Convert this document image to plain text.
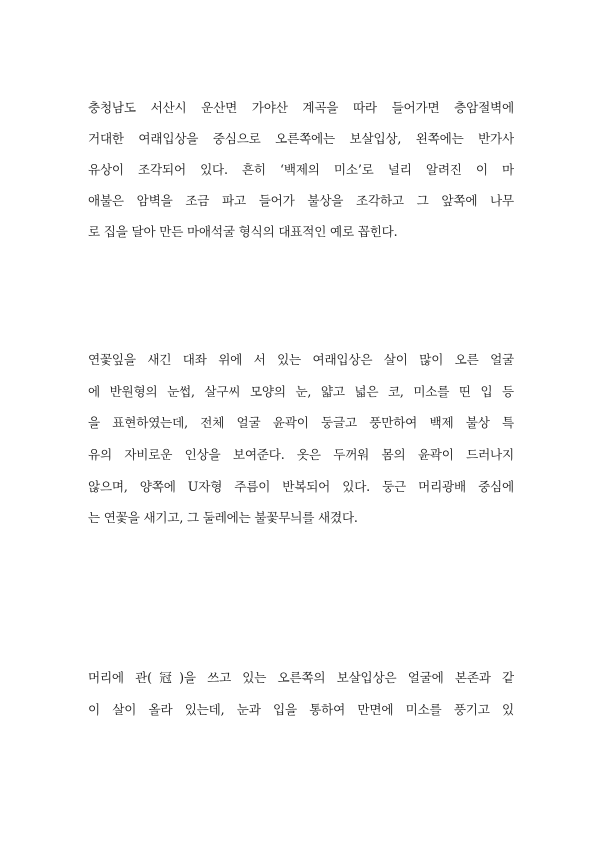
충청남도 서산시 운산면 가야산 계곡을 따라 들어가면 층암절벽에
거대한 여래입상을 중심으로 오른쪽에는 보살입상, 왼쪽에는 반가사
유상이 조각되어 있다. 흔히 ‘백제의 미소’로 널리 알려진 이 마
애불은 암벽을 조금 파고 들어가 불상을 조각하고 그 앞쪽에 나무
로 집을 달아 만든 마애석굴 형식의 대표적인 예로 꼽힌다.
연꽃잎을 새긴 대좌 위에 서 있는 여래입상은 살이 많이 오른 얼굴
에 반원형의 눈썹, 살구씨 모양의 눈, 얇고 넓은 코, 미소를 띤 입 등
을 표현하였는데, 전체 얼굴 윤곽이 둥글고 풍만하여 백제 불상 특
유의 자비로운 인상을 보여준다. 옷은 두꺼워 몸의 윤곽이 드러나지
않으며, 양쪽에 U자형 주름이 반복되어 있다. 둥근 머리광배 중심에
는 연꽃을 새기고, 그 둘레에는 불꽃무늬를 새겼다.
머리에 관(冠)을 쓰고 있는 오른쪽의 보살입상은 얼굴에 본존과 같
이 살이 올라 있는데, 눈과 입을 통하여 만면에 미소를 풍기고 있
